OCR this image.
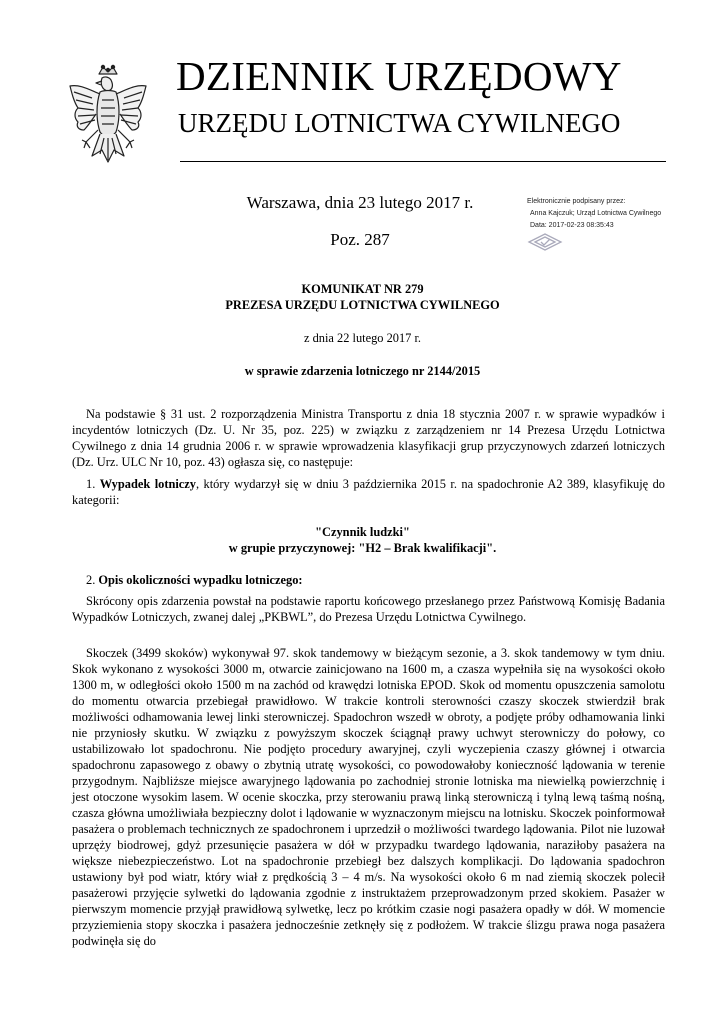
DZIENNIK URZĘDOWY
URZĘDU LOTNICTWA CYWILNEGO
Warszawa, dnia 23 lutego 2017 r.
Poz. 287
Elektronicznie podpisany przez:
Anna Kajczuk; Urząd Lotnictwa Cywilnego
Data: 2017-02-23 08:35:43
KOMUNIKAT NR 279
PREZESA URZĘDU LOTNICTWA CYWILNEGO
z dnia 22 lutego 2017 r.
w sprawie zdarzenia lotniczego nr 2144/2015

Na podstawie § 31 ust. 2 rozporządzenia Ministra Transportu z dnia 18 stycznia 2007 r. w sprawie wypadków i incydentów lotniczych (Dz. U. Nr 35, poz. 225) w związku z zarządzeniem nr 14 Prezesa Urzędu Lotnictwa Cywilnego z dnia 14 grudnia 2006 r. w sprawie wprowadzenia klasyfikacji grup przyczynowych zdarzeń lotniczych (Dz. Urz. ULC Nr 10, poz. 43) ogłasza się, co następuje:

1. Wypadek lotniczy, który wydarzył się w dniu 3 października 2015 r. na spadochronie A2 389, klasyfikuję do kategorii:

"Czynnik ludzki"
w grupie przyczynowej: "H2 – Brak kwalifikacji".

2. Opis okoliczności wypadku lotniczego:

Skrócony opis zdarzenia powstał na podstawie raportu końcowego przesłanego przez Państwową Komisję Badania Wypadków Lotniczych, zwanej dalej „PKBWL”, do Prezesa Urzędu Lotnictwa Cywilnego.

Skoczek (3499 skoków) wykonywał 97. skok tandemowy w bieżącym sezonie, a 3. skok tandemowy w tym dniu. Skok wykonano z wysokości 3000 m, otwarcie zainicjowano na 1600 m, a czasza wypełniła się na wysokości około 1300 m, w odległości około 1500 m na zachód od krawędzi lotniska EPOD. Skok od momentu opuszczenia samolotu do momentu otwarcia przebiegał prawidłowo. W trakcie kontroli sterowności czaszy skoczek stwierdził brak możliwości odhamowania lewej linki sterowniczej. Spadochron wszedł w obroty, a podjęte próby odhamowania linki nie przyniosły skutku. W związku z powyższym skoczek ściągnął prawy uchwyt sterowniczy do połowy, co ustabilizowało lot spadochronu. Nie podjęto procedury awaryjnej, czyli wyczepienia czaszy głównej i otwarcia spadochronu zapasowego z obawy o zbytnią utratę wysokości, co powodowałoby konieczność lądowania w terenie przygodnym. Najbliższe miejsce awaryjnego lądowania po zachodniej stronie lotniska ma niewielką powierzchnię i jest otoczone wysokim lasem. W ocenie skoczka, przy sterowaniu prawą linką sterowniczą i tylną lewą taśmą nośną, czasza główna umożliwiała bezpieczny dolot i lądowanie w wyznaczonym miejscu na lotnisku. Skoczek poinformował pasażera o problemach technicznych ze spadochronem i uprzedził o możliwości twardego lądowania. Pilot nie luzował uprzęży biodrowej, gdyż przesunięcie pasażera w dół w przypadku twardego lądowania, naraziłoby pasażera na większe niebezpieczeństwo. Lot na spadochronie przebiegł bez dalszych komplikacji. Do lądowania spadochron ustawiony był pod wiatr, który wiał z prędkością 3 – 4 m/s. Na wysokości około 6 m nad ziemią skoczek polecił pasażerowi przyjęcie sylwetki do lądowania zgodnie z instruktażem przeprowadzonym przed skokiem. Pasażer w pierwszym momencie przyjął prawidłową sylwetkę, lecz po krótkim czasie nogi pasażera opadły w dół. W momencie przyziemienia stopy skoczka i pasażera jednocześnie zetknęły się z podłożem. W trakcie ślizgu prawa noga pasażera podwinęła się do
